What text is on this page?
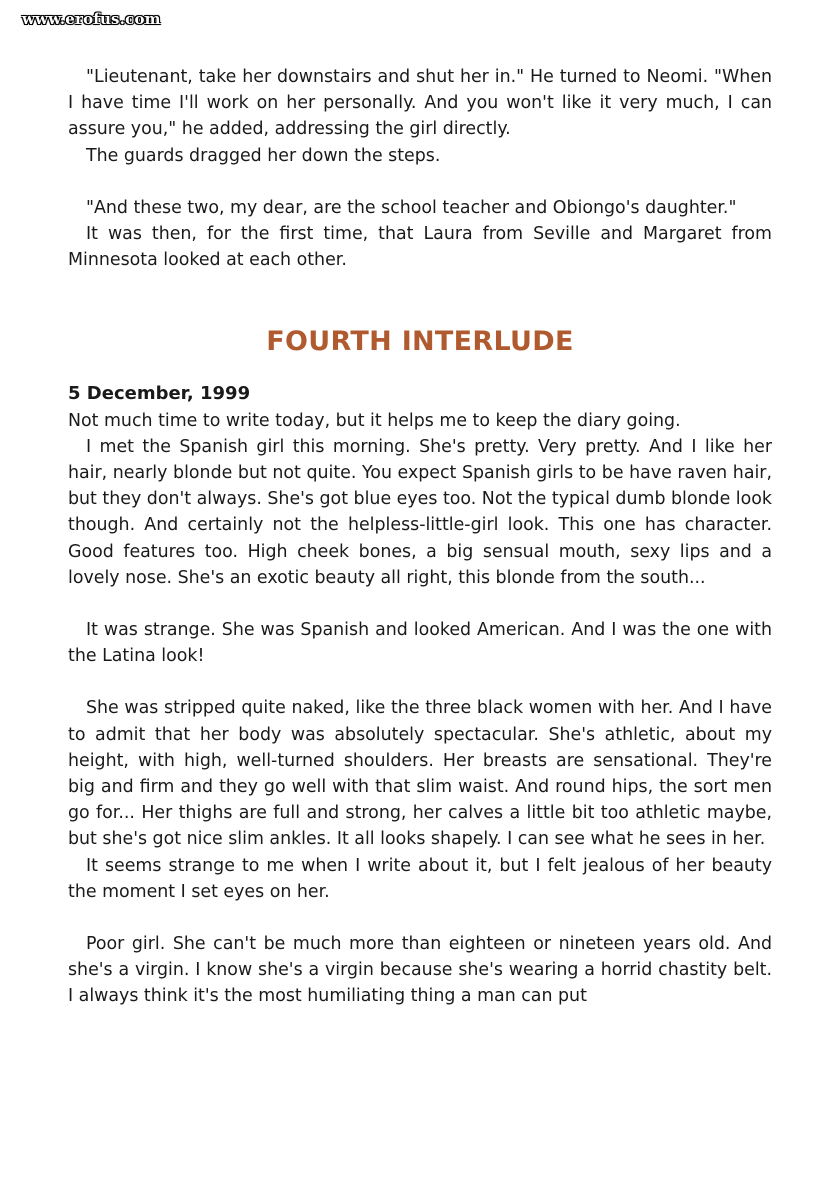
www.erofus.com

"Lieutenant, take her downstairs and shut her in." He turned to Neomi. "When I have time I'll work on her personally. And you won't like it very much, I can assure you," he added, addressing the girl directly.

The guards dragged her down the steps.

"And these two, my dear, are the school teacher and Obiongo's daughter."

It was then, for the first time, that Laura from Seville and Margaret from Minnesota looked at each other.

FOURTH INTERLUDE
5 December, 1999

Not much time to write today, but it helps me to keep the diary going.

I met the Spanish girl this morning. She's pretty. Very pretty. And I like her hair, nearly blonde but not quite. You expect Spanish girls to be have raven hair, but they don't always. She's got blue eyes too. Not the typical dumb blonde look though. And certainly not the helpless-little-girl look. This one has character. Good features too. High cheek bones, a big sensual mouth, sexy lips and a lovely nose. She's an exotic beauty all right, this blonde from the south...

It was strange. She was Spanish and looked American. And I was the one with the Latina look!

She was stripped quite naked, like the three black women with her. And I have to admit that her body was absolutely spectacular. She's athletic, about my height, with high, well-turned shoulders. Her breasts are sensational. They're big and firm and they go well with that slim waist. And round hips, the sort men go for... Her thighs are full and strong, her calves a little bit too athletic maybe, but she's got nice slim ankles. It all looks shapely. I can see what he sees in her.

It seems strange to me when I write about it, but I felt jealous of her beauty the moment I set eyes on her.

Poor girl. She can't be much more than eighteen or nineteen years old. And she's a virgin. I know she's a virgin because she's wearing a horrid chastity belt. I always think it's the most humiliating thing a man can put
